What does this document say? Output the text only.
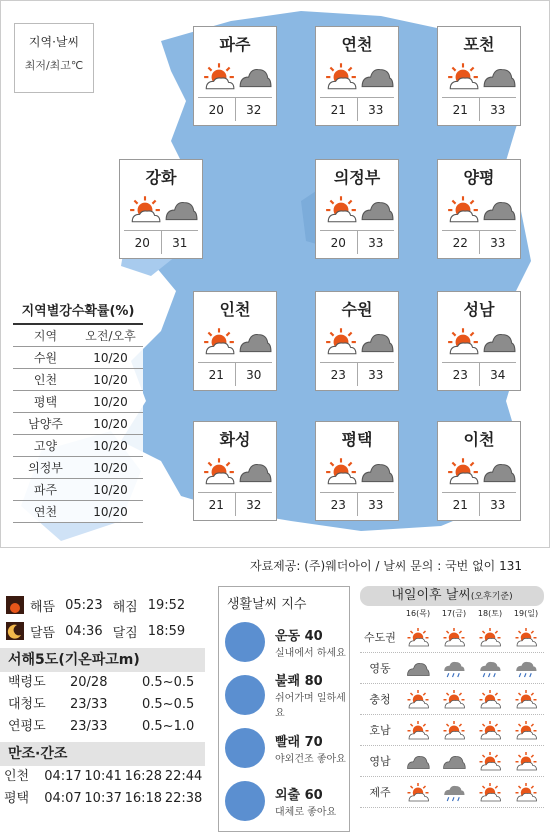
지역·날씨
최저/최고℃
파주
20	32
연천
21	33
포천
21	33
강화
20	31
의정부
20	33
양평
22	33
인천
21	30
수원
23	33
성남
23	34
화성
21	32
평택
23	33
이천
21	33
지역별강수확률(%)
지역	오전/오후
수원	10/20
인천	10/20
평택	10/20
남양주	10/20
고양	10/20
의정부	10/20
파주	10/20
연천	10/20
자료제공: (주)웨더아이 / 날씨 문의 : 국번 없이 131
해뜸 05:23 해짐 19:52
달뜸 04:36 달짐 18:59
서해5도(기온파고m)
백령도	20/28	0.5~0.5
대청도	23/33	0.5~0.5
연평도	23/33	0.5~1.0
만조·간조
인천	04:17 10:41 16:28 22:44
평택	04:07 10:37 16:18 22:38
생활날씨 지수
운동 40
실내에서 하세요
불쾌 80
쉬어가며 일하세요
빨래 70
야외건조 좋아요
외출 60
대체로 좋아요
내일이후 날씨(오후기준)
16(목)	17(금)	18(토)	19(일)
수도권
영동
충청
호남
영남
제주
